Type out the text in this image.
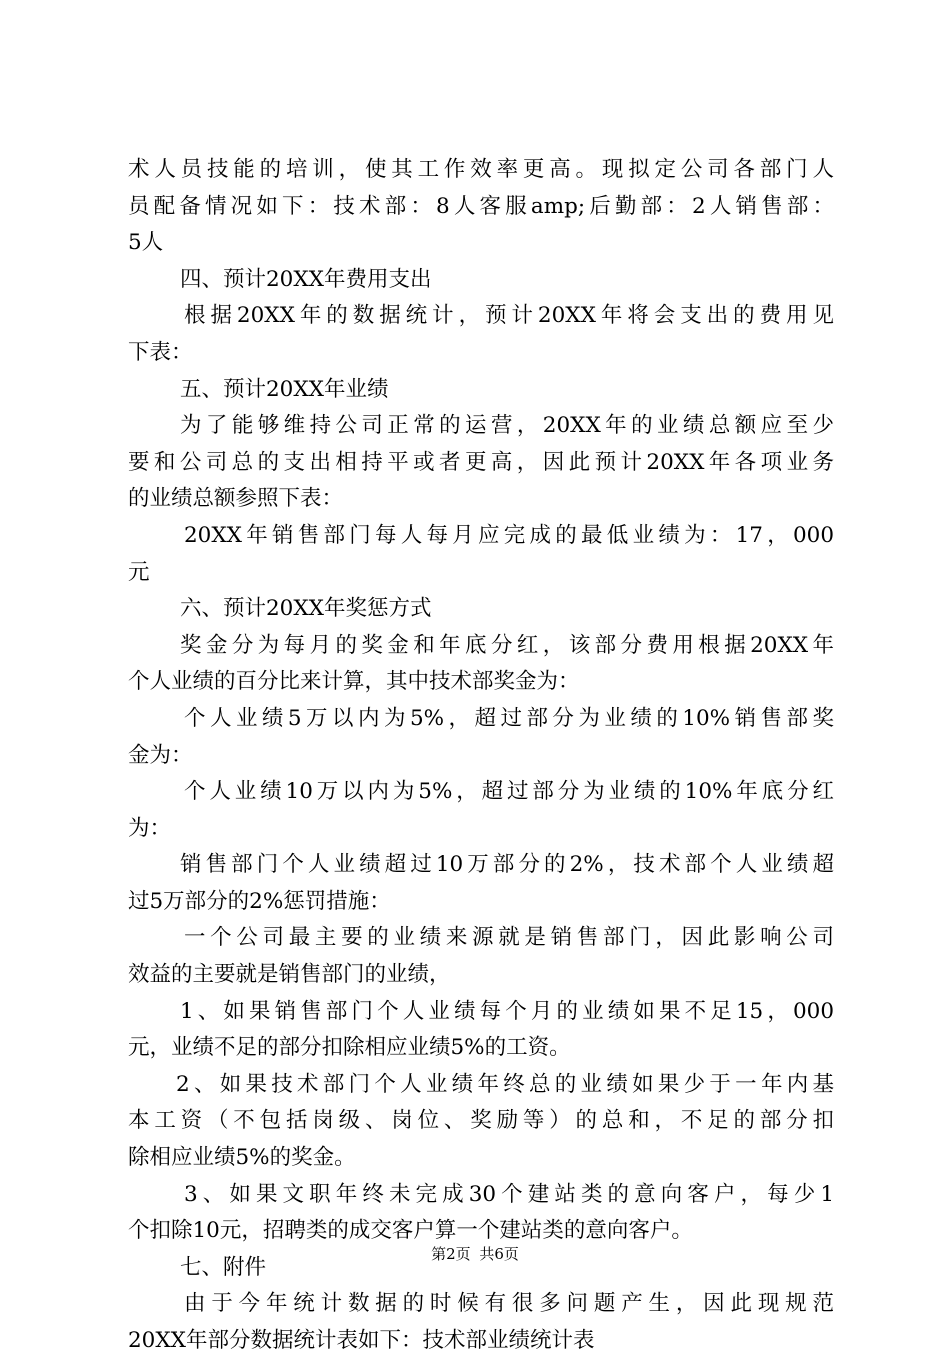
术人员技能的培训，使其工作效率更高。现拟定公司各部门人
员配备情况如下：技术部：8人客服amp;后勤部：2人销售部：
5人
四、预计20XX年费用支出
根据20XX年的数据统计，预计20XX年将会支出的费用见
下表：
五、预计20XX年业绩
为了能够维持公司正常的运营，20XX年的业绩总额应至少
要和公司总的支出相持平或者更高，因此预计20XX年各项业务
的业绩总额参照下表：
20XX年销售部门每人每月应完成的最低业绩为：17，000
元
六、预计20XX年奖惩方式
奖金分为每月的奖金和年底分红，该部分费用根据20XX年
个人业绩的百分比来计算，其中技术部奖金为：
个人业绩5万以内为5%，超过部分为业绩的10%销售部奖
金为：
个人业绩10万以内为5%，超过部分为业绩的10%年底分红
为：
销售部门个人业绩超过10万部分的2%，技术部个人业绩超
过5万部分的2%惩罚措施：
一个公司最主要的业绩来源就是销售部门，因此影响公司
效益的主要就是销售部门的业绩，
1、如果销售部门个人业绩每个月的业绩如果不足15，000
元，业绩不足的部分扣除相应业绩5%的工资。
2、如果技术部门个人业绩年终总的业绩如果少于一年内基
本工资（不包括岗级、岗位、奖励等）的总和，不足的部分扣
除相应业绩5%的奖金。
3、如果文职年终未完成30个建站类的意向客户，每少1
个扣除10元，招聘类的成交客户算一个建站类的意向客户。
七、附件
由于今年统计数据的时候有很多问题产生，因此现规范
20XX年部分数据统计表如下：技术部业绩统计表
第2页 共6页
